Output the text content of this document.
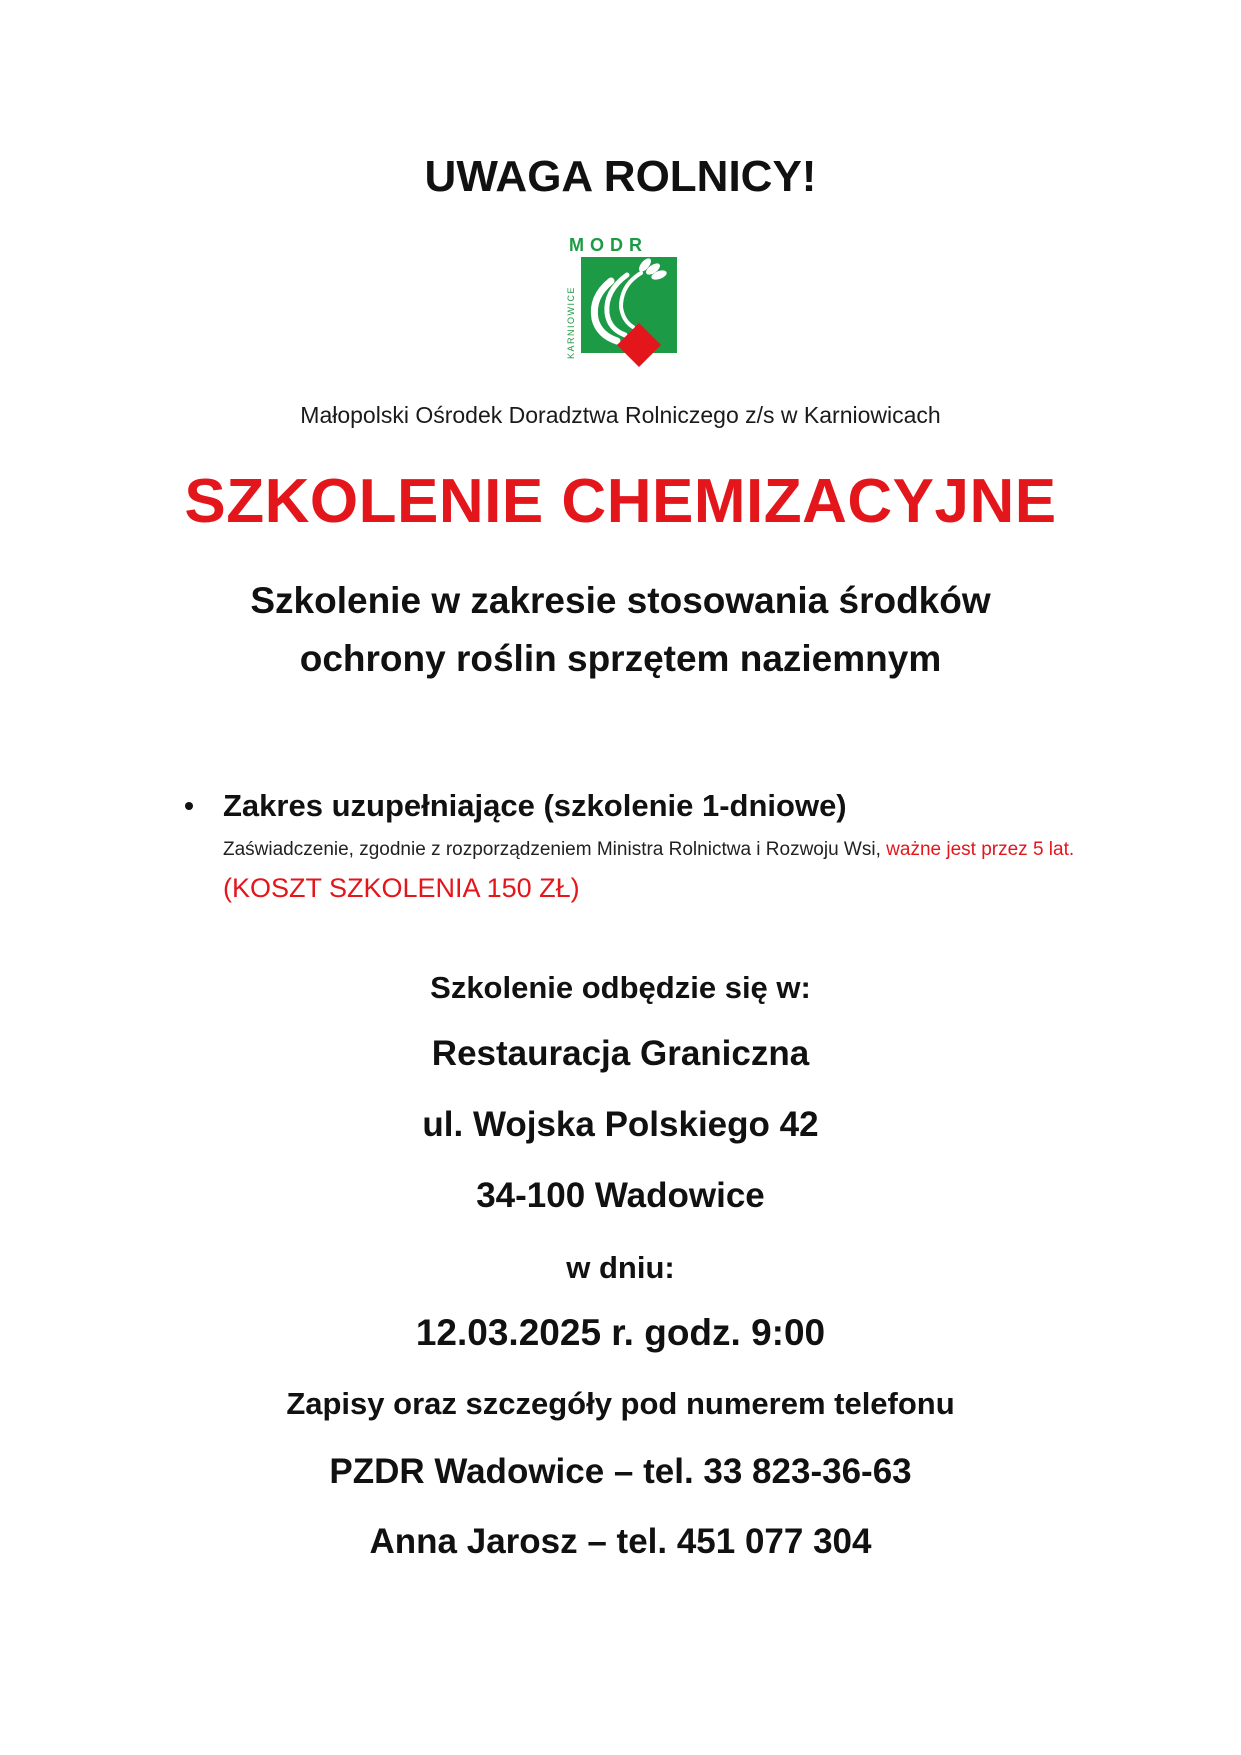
UWAGA ROLNICY!
MODR
KARNIOWICE
Małopolski Ośrodek Doradztwa Rolniczego z/s w Karniowicach
SZKOLENIE CHEMIZACYJNE
Szkolenie w zakresie stosowania środków
ochrony roślin sprzętem naziemnym
Zakres uzupełniające (szkolenie 1-dniowe)
Zaświadczenie, zgodnie z rozporządzeniem Ministra Rolnictwa i Rozwoju Wsi, ważne jest przez 5 lat. (KOSZT SZKOLENIA 150 ZŁ)
Szkolenie odbędzie się w:
Restauracja Graniczna
ul. Wojska Polskiego 42
34-100 Wadowice
w dniu:
12.03.2025 r. godz. 9:00
Zapisy oraz szczegóły pod numerem telefonu
PZDR Wadowice – tel. 33 823-36-63
Anna Jarosz – tel. 451 077 304
